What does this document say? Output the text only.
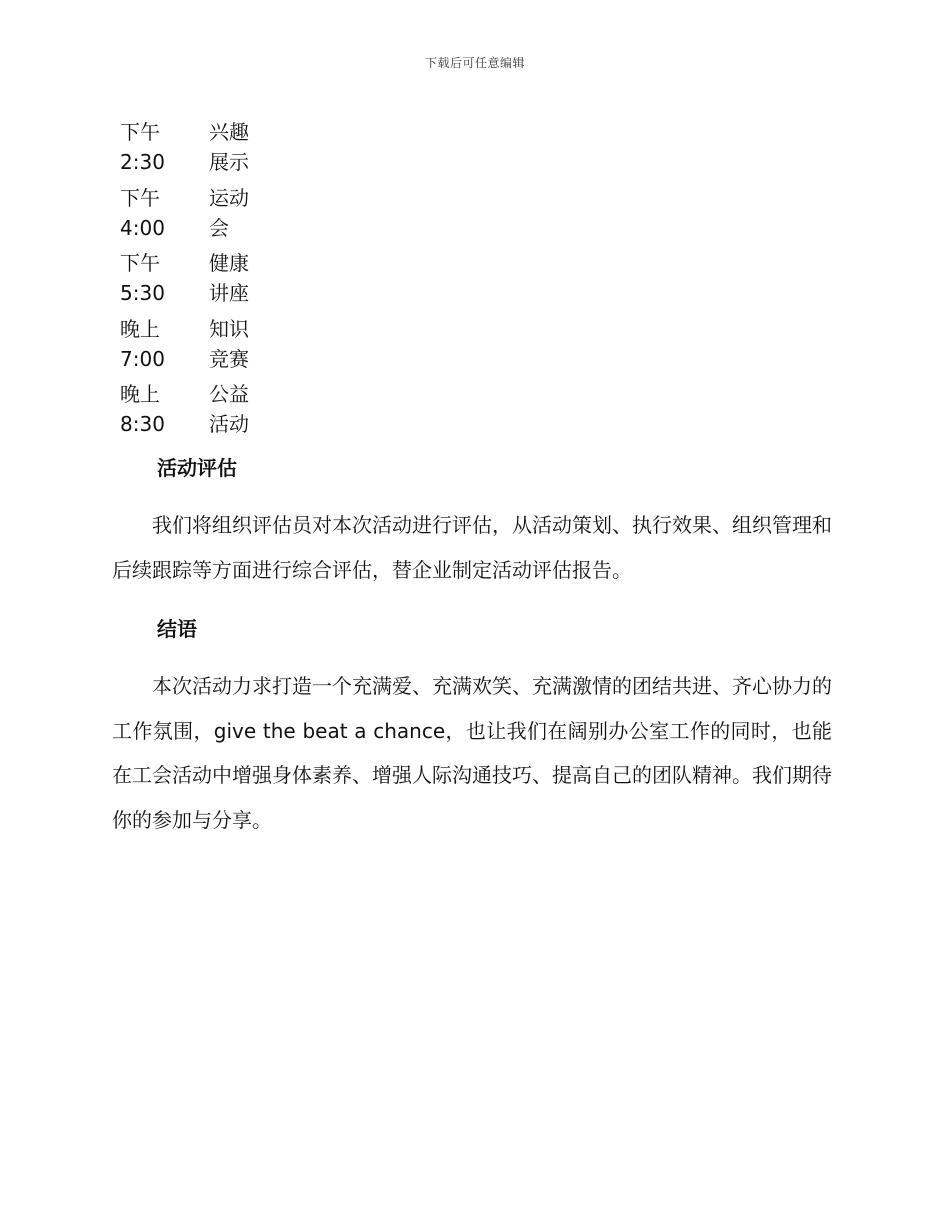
下载后可任意编辑
下午 2:30
兴趣 展示
下午 4:00
运动 会
下午 5:30
健康 讲座
晚上 7:00
知识 竞赛
晚上 8:30
公益 活动
活动评估

我们将组织评估员对本次活动进行评估，从活动策划、执行效果、组织管理和后续跟踪等方面进行综合评估，替企业制定活动评估报告。

结语

本次活动力求打造一个充满爱、充满欢笑、充满激情的团结共进、齐心协力的工作氛围，give the beat a chance，也让我们在阔别办公室工作的同时，也能在工会活动中增强身体素养、增强人际沟通技巧、提高自己的团队精神。我们期待你的参加与分享。
